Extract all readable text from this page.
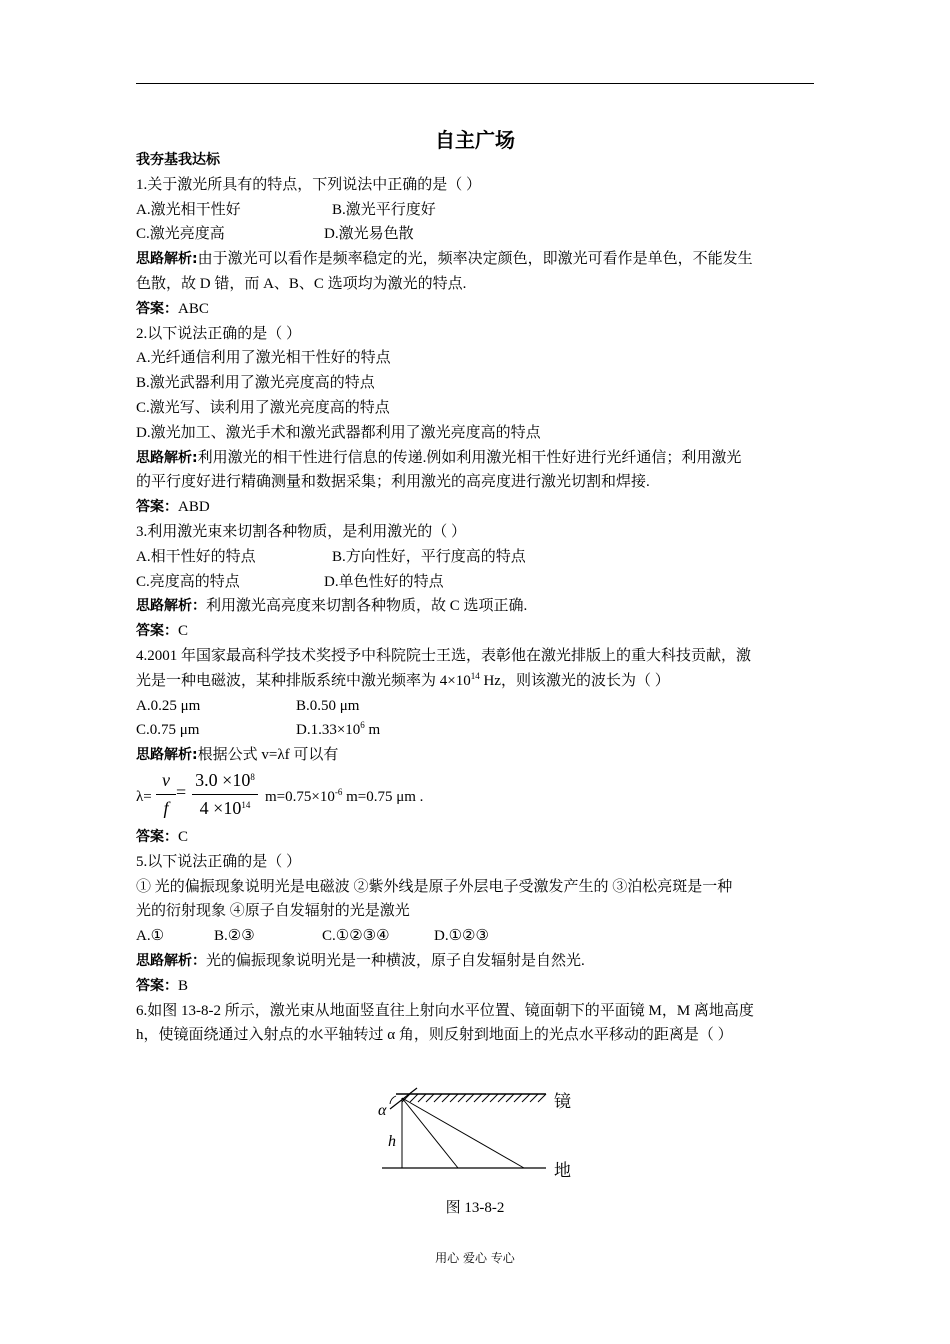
自主广场
我夯基我达标
1.关于激光所具有的特点，下列说法中正确的是（ ）
A.激光相干性好	B.激光平行度好
C.激光亮度高	D.激光易色散
思路解析:由于激光可以看作是频率稳定的光，频率决定颜色，即激光可看作是单色，不能发生
色散，故 D 错，而 A、B、C 选项均为激光的特点.
答案：ABC
2.以下说法正确的是（ ）
A.光纤通信利用了激光相干性好的特点
B.激光武器利用了激光亮度高的特点
C.激光写、读利用了激光亮度高的特点
D.激光加工、激光手术和激光武器都利用了激光亮度高的特点
思路解析:利用激光的相干性进行信息的传递.例如利用激光相干性好进行光纤通信；利用激光
的平行度好进行精确测量和数据采集；利用激光的高亮度进行激光切割和焊接.
答案：ABD
3.利用激光束来切割各种物质，是利用激光的（ ）
A.相干性好的特点	B.方向性好，平行度高的特点
C.亮度高的特点	D.单色性好的特点
思路解析：利用激光高亮度来切割各种物质，故 C 选项正确.
答案：C
4.2001 年国家最高科学技术奖授予中科院院士王选，表彰他在激光排版上的重大科技贡献，激
光是一种电磁波，某种排版系统中激光频率为 $4\times 10^{14}$ Hz，则该激光的波长为（ ）
A.0.25 μm	B.0.50 μm
C.0.75 μm	$D.1.33\times 10^6$ m
思路解析:根据公式 v=λf 可以有
λ=
v
f
=
$3.0 \times 10^8$
$4 \times 10^{14}$ $m=0.75\times 10^{-6}$ m=0.75 μm .
答案：C
5.以下说法正确的是（ ）
① 光的偏振现象说明光是电磁波 ②紫外线是原子外层电子受激发产生的 ③泊松亮斑是一种
光的衍射现象 ④原子自发辐射的光是激光
A.①	B.②③	C.①②③④	D.①②③
思路解析：光的偏振现象说明光是一种横波，原子自发辐射是自然光.
答案：B
6.如图 13-8-2 所示，激光束从地面竖直往上射向水平位置、镜面朝下的平面镜 M，M 离地高度
h，使镜面绕通过入射点的水平轴转过 α 角，则反射到地面上的光点水平移动的距离是（ ）
α
h
镜
地
图 13-8-2
用心 爱心 专心
